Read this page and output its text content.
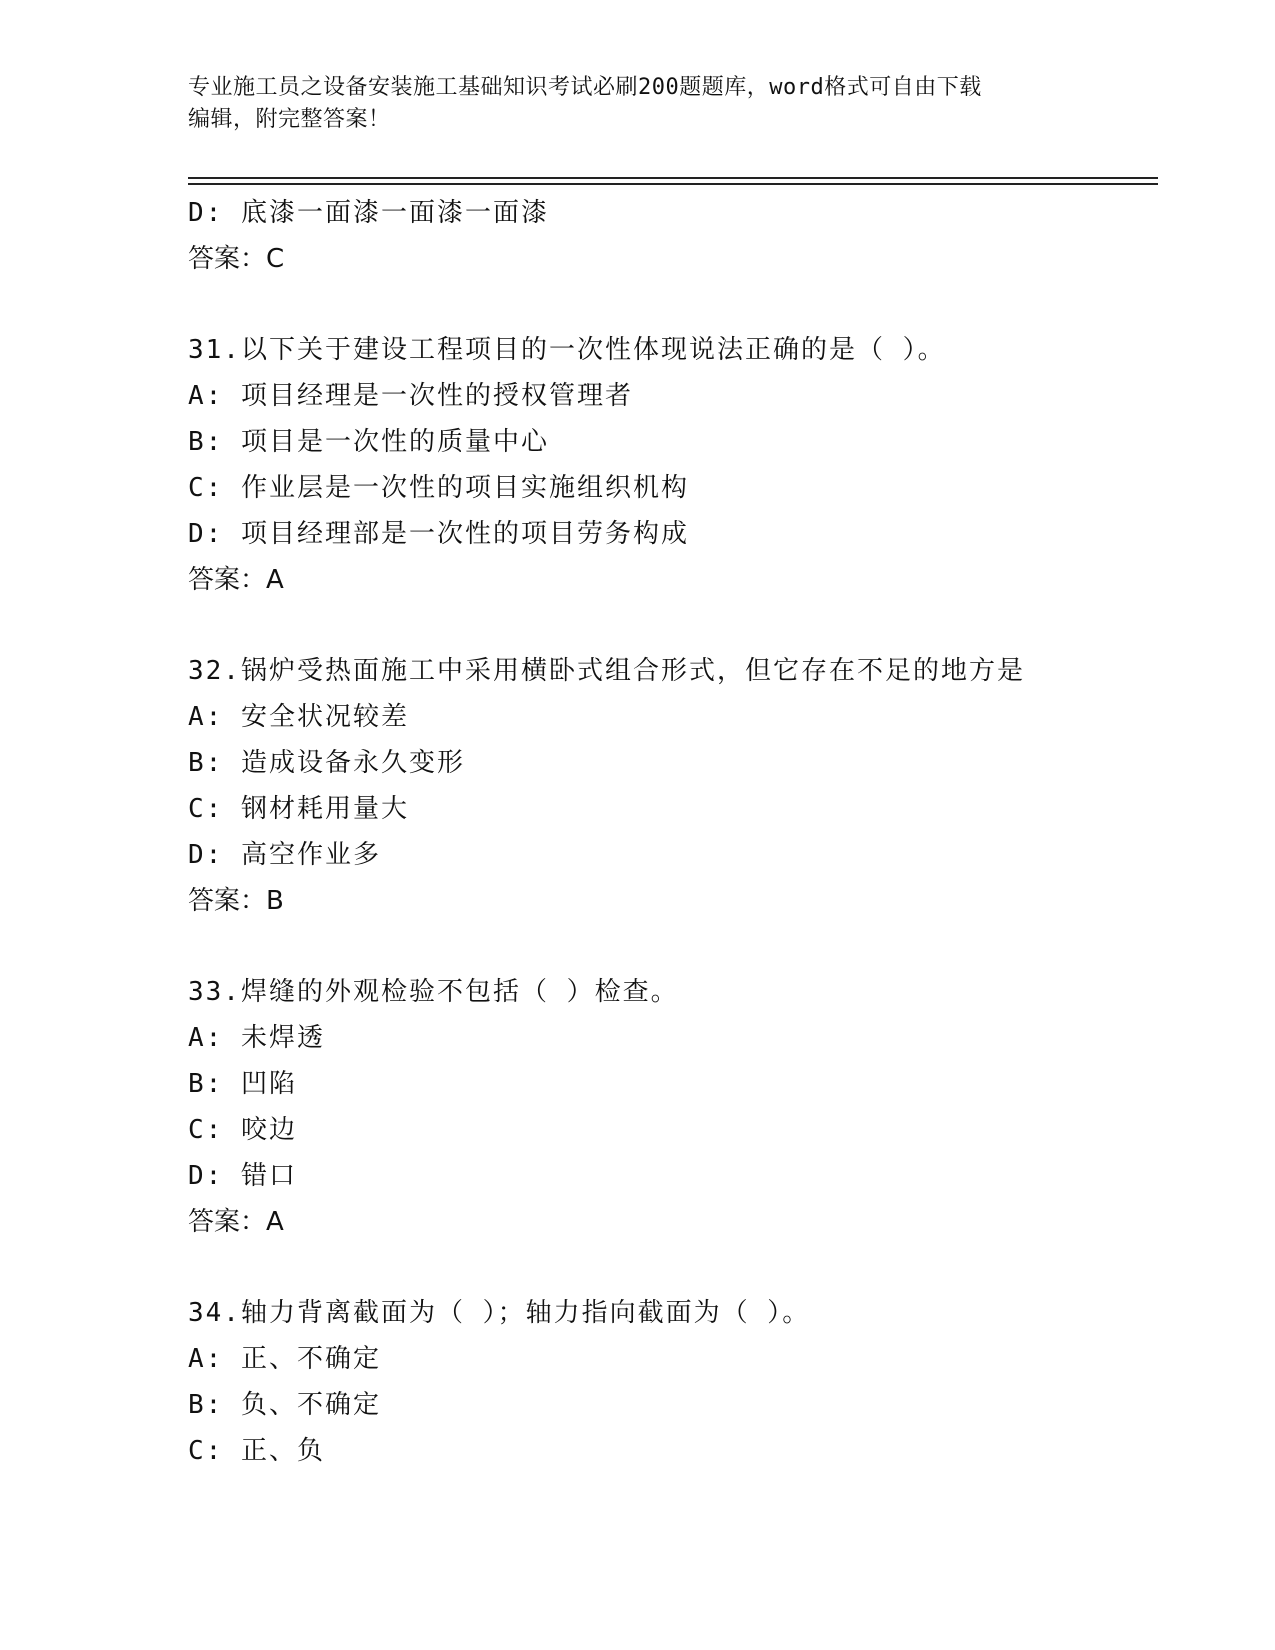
专业施工员之设备安装施工基础知识考试必刷200题题库，word格式可自由下载
编辑，附完整答案！
D: 底漆一面漆一面漆一面漆
答案：C
31.以下关于建设工程项目的一次性体现说法正确的是（ ）。
A: 项目经理是一次性的授权管理者
B: 项目是一次性的质量中心
C: 作业层是一次性的项目实施组织机构
D: 项目经理部是一次性的项目劳务构成
答案：A
32.锅炉受热面施工中采用横卧式组合形式，但它存在不足的地方是
A: 安全状况较差
B: 造成设备永久变形
C: 钢材耗用量大
D: 高空作业多
答案：B
33.焊缝的外观检验不包括（ ）检查。
A: 未焊透
B: 凹陷
C: 咬边
D: 错口
答案：A
34.轴力背离截面为（ ）；轴力指向截面为（ ）。
A: 正、不确定
B: 负、不确定
C: 正、负
